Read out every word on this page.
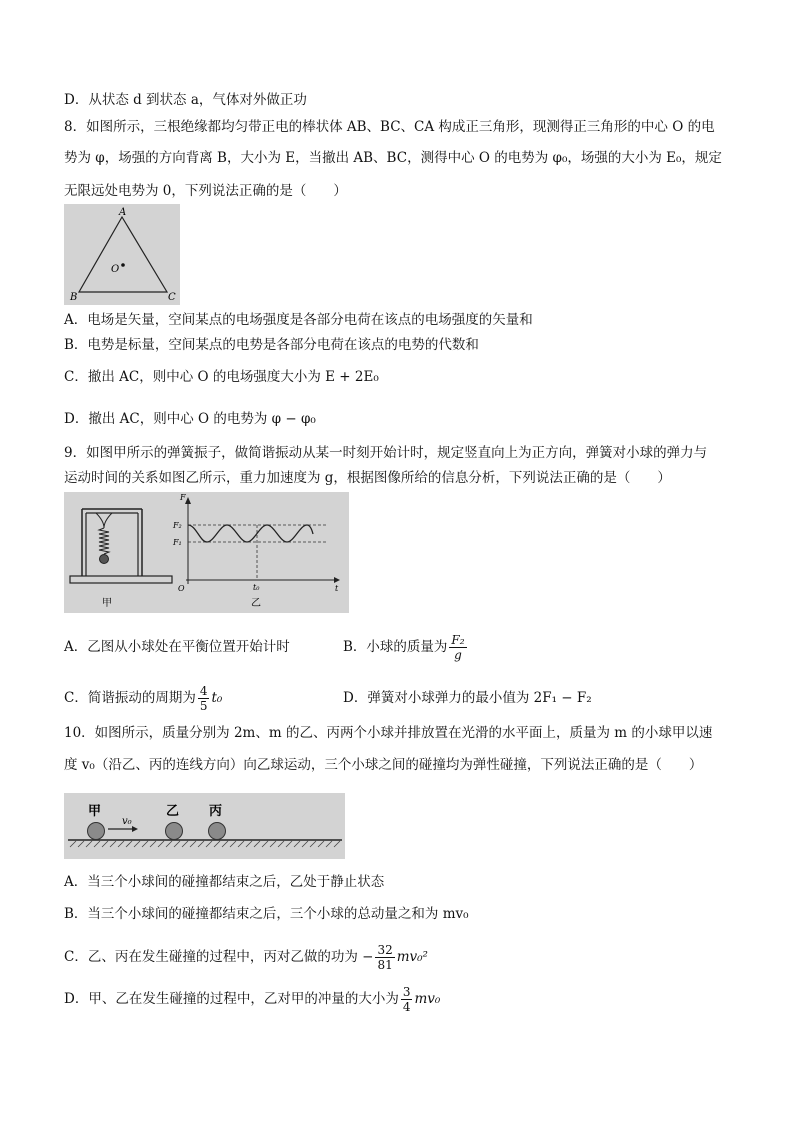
D．从状态 d 到状态 a，气体对外做正功
8．如图所示，三根绝缘都均匀带正电的棒状体 AB、BC、CA 构成正三角形，现测得正三角形的中心 O 的电
势为 φ，场强的方向背离 B，大小为 E，当撤出 AB、BC，测得中心 O 的电势为 φ₀，场强的大小为 E₀，规定
无限远处电势为 0，下列说法正确的是（　　）
A
B	C
O
A．电场是矢量，空间某点的电场强度是各部分电荷在该点的电场强度的矢量和
B．电势是标量，空间某点的电势是各部分电荷在该点的电势的代数和
C．撤出 AC，则中心 O 的电场强度大小为 E + 2E₀
D．撤出 AC，则中心 O 的电势为 φ − φ₀
9．如图甲所示的弹簧振子，做简谐振动从某一时刻开始计时，规定竖直向上为正方向，弹簧对小球的弹力与
运动时间的关系如图乙所示，重力加速度为 g，根据图像所给的信息分析，下列说法正确的是（　　）
甲
F
F₂
F₁
O	t₀	t
乙
A．乙图从小球处在平衡位置开始计时	B．小球的质量为 $\frac{\text{F₂}}{g}$
C．简谐振动的周期为 $\frac{4}{5} t_0$	D．弹簧对小球弹力的最小值为 2F₁ − F₂
10．如图所示，质量分别为 2m、m 的乙、丙两个小球并排放置在光滑的水平面上，质量为 m 的小球甲以速
度 v₀（沿乙、丙的连线方向）向乙球运动，三个小球之间的碰撞均为弹性碰撞，下列说法正确的是（　　）
甲
v₀
乙 丙
A．当三个小球间的碰撞都结束之后，乙处于静止状态
B．当三个小球间的碰撞都结束之后，三个小球的总动量之和为 mv₀
C．乙、丙在发生碰撞的过程中，丙对乙做的功为 − $\frac{32}{81} mv_0^2$
D．甲、乙在发生碰撞的过程中，乙对甲的冲量的大小为 $\frac{3}{4} mv_0$
